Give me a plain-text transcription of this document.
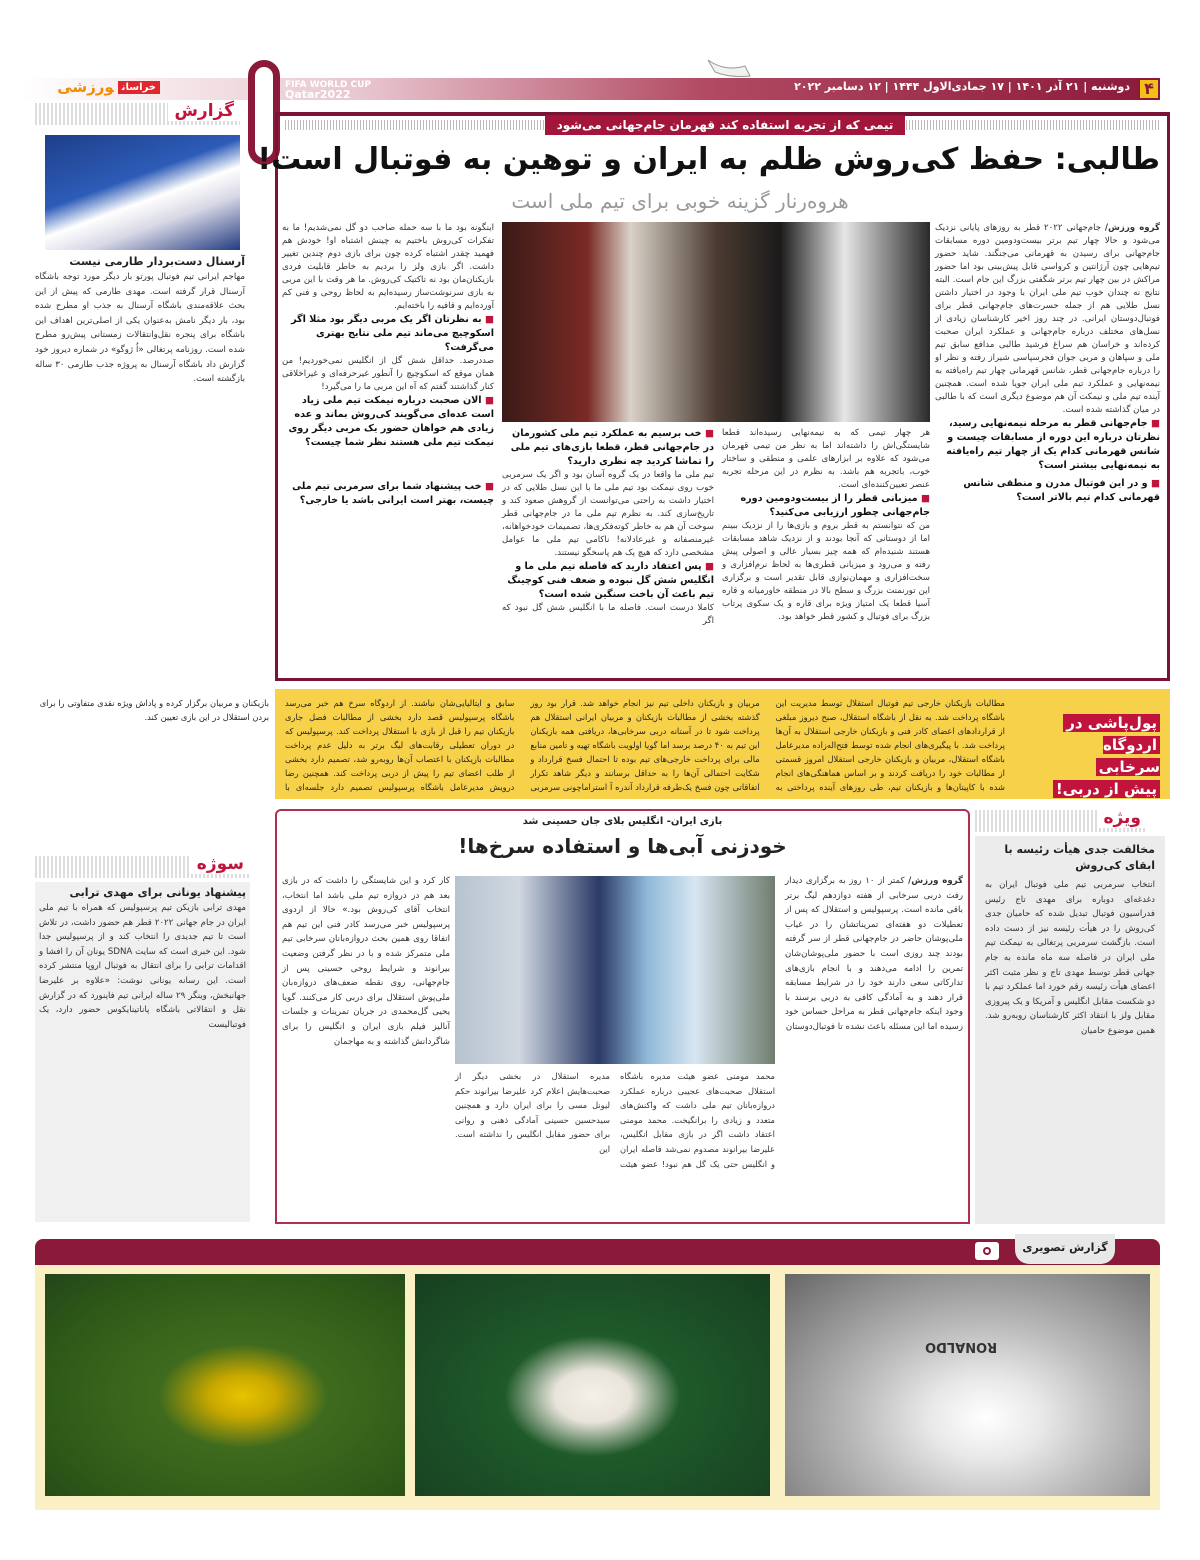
۴
دوشنبه | ۲۱ آذر ۱۴۰۱ | ۱۷ جمادی‌الاول ۱۴۴۴ | ۱۲ دسامبر ۲۰۲۲
خراسانورزشی	FIFA WORLD CUP
Qatar2022
گزارش
آرسنال دست‌بردار طارمی نیست
مهاجم ایرانی تیم فوتبال پورتو بار دیگر مورد توجه باشگاه آرسنال قرار گرفته است. مهدی طارمی که پیش از این بحث علاقه‌مندی باشگاه آرسنال به جذب او مطرح شده بود، بار دیگر نامش به‌عنوان یکی از اصلی‌ترین اهداف این باشگاه برای پنجره نقل‌وانتقالات زمستانی پیش‌رو مطرح شده است. روزنامه پرتغالی «اُ ژوگو» در شماره دیروز خود گزارش داد باشگاه آرسنال به پروژه جذب طارمی ۳۰ ساله بازگشته است.
سوژه
پیشنهاد یونانی برای مهدی ترابی
مهدی ترابی بازیکن تیم پرسپولیس که همراه با تیم ملی ایران در جام جهانی ۲۰۲۲ قطر هم حضور داشت، در تلاش است تا تیم جدیدی را انتخاب کند و از پرسپولیس جدا شود. این خبری است که سایت SDNA یونان آن را افشا و اقدامات ترابی را برای انتقال به فوتبال اروپا منتشر کرده است. این رسانه یونانی نوشت: «علاوه بر علیرضا جهانبخش، وینگر ۲۹ ساله ایرانی تیم فاینورد که در گزارش نقل و انتقالاتی باشگاه پاناتینایکوس حضور دارد، یک فوتبالیست
تیمی که از تجربه استفاده کند قهرمان جام‌جهانی می‌شود
طالبی: حفظ کی‌روش ظلم به ایران و توهین به فوتبال است!
هروه‌رنار گزینه خوبی برای تیم ملی است
گروه ورزش/ جام‌جهانی ۲۰۲۲ قطر به روزهای پایانی نزدیک می‌شود و حالا چهار تیم برتر بیست‌ودومین دوره مسابقات جام‌جهانی برای رسیدن به قهرمانی می‌جنگند. شاید حضور تیم‌هایی چون آرژانتین و کرواسی قابل پیش‌بینی بود اما حضور مراکش در بین چهار تیم برتر شگفتی بزرگ این جام است. البته نتایج نه چندان خوب تیم ملی ایران با وجود در اختیار داشتن نسل طلایی هم از جمله حسرت‌های جام‌جهانی قطر برای فوتبال‌دوستان ایرانی. در چند روز اخیر کارشناسان زیادی از نسل‌های مختلف درباره جام‌جهانی و عملکرد ایران صحبت کرده‌اند و خراسان هم سراغ فرشید طالبی مدافع سابق تیم ملی و سپاهان و مربی جوان فجرسپاسی شیراز رفته و نظر او را درباره جام‌جهانی قطر، شانس قهرمانی چهار تیم راه‌یافته به نیمه‌نهایی و عملکرد تیم ملی ایران جویا شده است. همچنین آینده تیم ملی و نیمکت آن هم موضوع دیگری است که با طالبی در میان گذاشته شده است.
■ جام‌جهانی قطر به مرحله نیمه‌نهایی رسید، نظرتان درباره این دوره از مسابقات چیست و شانس قهرمانی کدام یک از چهار تیم راه‌یافته به نیمه‌نهایی بیشتر است؟
■ و در این فوتبال مدرن و منطقی شانس قهرمانی کدام تیم بالاتر است؟
هر چهار تیمی که به نیمه‌نهایی رسیده‌اند قطعا شایستگی‌اش را داشته‌اند اما به نظر من تیمی قهرمان می‌شود که علاوه بر ابزارهای علمی و منطقی و ساختار خوب، باتجربه هم باشد. به نظرم در این مرحله تجربه عنصر تعیین‌کننده‌ای است.
■ میزبانی قطر را از بیست‌ودومین دوره جام‌جهانی چطور ارزیابی می‌کنید؟
من که نتوانستم به قطر بروم و بازی‌ها را از نزدیک ببینم اما از دوستانی که آنجا بودند و از نزدیک شاهد مسابقات هستند شنیده‌ام که همه چیز بسیار عالی و اصولی پیش رفته و می‌رود و میزبانی قطری‌ها به لحاظ نرم‌افزاری و سخت‌افزاری و مهمان‌نوازی قابل تقدیر است و برگزاری این تورنمنت بزرگ و سطح بالا در منطقه خاورمیانه و قاره آسیا قطعا یک امتیاز ویژه برای قاره و یک سکوی پرتاب بزرگ برای فوتبال و کشور قطر خواهد بود.
■ خب برسیم به عملکرد تیم ملی کشورمان در جام‌جهانی قطر، قطعا بازی‌های تیم ملی را تماشا کردید چه نظری دارید؟
تیم ملی ما واقعا در یک گروه آسان بود و اگر یک سرمربی خوب روی نیمکت بود تیم ملی ما با این نسل طلایی که در اختیار داشت به راحتی می‌توانست از گروهش صعود کند و تاریخ‌سازی کند. به نظرم تیم ملی ما در جام‌جهانی قطر سوخت آن هم به خاطر کوته‌فکری‌ها، تصمیمات خودخواهانه، غیرمنصفانه و غیرعادلانه! ناکامی تیم ملی ما عوامل مشخصی دارد که هیچ یک هم پاسخگو نیستند.
■ پس اعتقاد دارید که فاصله تیم ملی ما و انگلیس شش گل نبوده و ضعف فنی کوچینگ تیم باعث آن باخت سنگین شده است؟
کاملا درست است. فاصله ما با انگلیس شش گل نبود که اگر
اینگونه بود ما با سه حمله صاحب دو گل نمی‌شدیم! ما به تفکرات کی‌روش باختیم به چینش اشتباه او! خودش هم فهمید چقدر اشتباه کرده چون برای بازی دوم چندین تغییر داشت. اگر بازی ولز را بردیم به خاطر قابلیت فردی بازیکنان‌مان بود نه تاکتیک کی‌روش. ما هر وقت با این مربی به بازی سرنوشت‌ساز رسیده‌ایم به لحاظ روحی و فنی کم آورده‌ایم و قافیه را باخته‌ایم.
■ به نظرتان اگر یک مربی دیگر بود مثلا اگر اسکوچیچ می‌ماند تیم ملی نتایج بهتری می‌گرفت؟
صددرصد. حداقل شش گل از انگلیس نمی‌خوردیم! من همان موقع که اسکوچیچ را آنطور غیرحرفه‌ای و غیراخلاقی کنار گذاشتند گفتم که آه این مربی ما را می‌گیرد!
■ الان صحبت درباره نیمکت تیم ملی زیاد است عده‌ای می‌گویند کی‌روش بماند و عده زیادی هم خواهان حضور یک مربی دیگر روی نیمکت تیم ملی هستند نظر شما چیست؟
■ خب پیشنهاد شما برای سرمربی تیم ملی چیست، بهتر است ایرانی باشد یا خارجی؟
پول‌پاشی در
اردوگاه سرخابی
پیش از دربی!
مطالبات بازیکنان خارجی تیم فوتبال استقلال توسط مدیریت این باشگاه پرداخت شد. به نقل از باشگاه استقلال، صبح دیروز مبلغی از قراردادهای اعضای کادر فنی و بازیکنان خارجی استقلال به آن‌ها پرداخت شد. با پیگیری‌های انجام شده توسط فتح‌اله‌زاده مدیرعامل باشگاه استقلال، مربیان و بازیکنان خارجی استقلال امروز قسمتی از مطالبات خود را دریافت کردند و بر اساس هماهنگی‌های انجام شده با کاپیتان‌ها و بازیکنان تیم، طی روزهای آینده پرداختی به مربیان و بازیکنان داخلی تیم نیز انجام خواهد شد. قرار بود روز گذشته بخشی از مطالبات بازیکنان و مربیان ایرانی استقلال هم پرداخت شود تا در آستانه دربی سرخابی‌ها، دریافتی همه بازیکنان این تیم به ۴۰ درصد برسد اما گویا اولویت باشگاه تهیه و تامین منابع مالی برای پرداخت خارجی‌های تیم بوده تا احتمال فسخ قرارداد و شکایت احتمالی آن‌ها را به حداقل برسانند و دیگر شاهد تکرار اتفاقاتی چون فسخ یک‌طرفه قرارداد آندره آ استراماچونی سرمربی سابق و ایتالیایی‌شان نباشند. از اردوگاه سرخ هم خبر می‌رسد باشگاه پرسپولیس قصد دارد بخشی از مطالبات فصل جاری بازیکنان تیم را قبل از بازی با استقلال پرداخت کند. پرسپولیس که در دوران تعطیلی رقابت‌های لیگ برتر به دلیل عدم پرداخت مطالبات بازیکنان با اعتصاب آن‌ها روبه‌رو شد، تصمیم دارد بخشی از طلب اعضای تیم را پیش از دربی پرداخت کند. همچنین رضا درویش مدیرعامل باشگاه پرسپولیس تصمیم دارد جلسه‌ای با بازیکنان و مربیان برگزار کرده و پاداش ویژه نقدی متفاوتی را برای بردن استقلال در این بازی تعیین کند.
بازی ایران- انگلیس بلای جان حسینی شد
خودزنی آبی‌ها و استفاده سرخ‌ها!
گروه ورزش/ کمتر از ۱۰ روز به برگزاری دیدار رفت دربی سرخابی از هفته دوازدهم لیگ برتر باقی مانده است. پرسپولیس و استقلال که پس از تعطیلات دو هفته‌ای تمریناتشان را در غیاب ملی‌پوشان حاضر در جام‌جهانی قطر از سر گرفته بودند چند روزی است با حضور ملی‌پوشان‌شان تمرین را ادامه می‌دهند و با انجام بازی‌های تدارکاتی سعی دارند خود را در شرایط مسابقه قرار دهند و به آمادگی کافی به دربی برسند با وجود اینکه جام‌جهانی قطر به مراحل حساس خود رسیده اما این مسئله باعث نشده تا فوتبال‌دوستان
محمد مومنی عضو هیئت مدیره باشگاه استقلال صحبت‌های عجیبی درباره عملکرد دروازه‌بانان تیم ملی داشت که واکنش‌های متعدد و زیادی را برانگیخت. محمد مومنی اعتقاد داشت اگر در بازی مقابل انگلیس، علیرضا بیرانوند مصدوم نمی‌شد فاصله ایران و انگلیس حتی یک گل هم نبود! عضو هیئت مدیره استقلال در بخشی دیگر از صحبت‌هایش اعلام کرد علیرضا بیرانوند حکم لیونل مسی را برای ایران دارد و همچنین سیدحسین حسینی آمادگی ذهنی و روانی برای حضور مقابل انگلیس را نداشته است. این
کار کرد و این شایستگی را داشت که در بازی بعد هم در دروازه تیم ملی باشد اما انتخاب، انتخاب آقای کی‌روش بود.» حالا از اردوی پرسپولیس خبر می‌رسد کادر فنی این تیم هم اتفاقا روی همین بحث دروازه‌بانان سرخابی تیم ملی متمرکز شده و با در نظر گرفتن وضعیت بیرانوند و شرایط روحی حسینی پس از جام‌جهانی، روی نقطه ضعف‌های دروازه‌بان ملی‌پوش استقلال برای دربی کار می‌کنند. گویا یحیی گل‌محمدی در جریان تمرینات و جلسات آنالیز فیلم بازی ایران و انگلیس را برای شاگردانش گذاشته و به مهاجمان
ویژه
مخالفت جدی هیأت رئیسه با ابقای کی‌روش
انتخاب سرمربی تیم ملی فوتبال ایران به دغدغه‌ای دوباره برای مهدی تاج رئیس فدراسیون فوتبال تبدیل شده که حامیان جدی کی‌روش را در هیأت رئیسه نیز از دست داده است. بازگشت سرمربی پرتغالی به نیمکت تیم ملی ایران در فاصله سه ماه مانده به جام جهانی قطر توسط مهدی تاج و نظر مثبت اکثر اعضای هیأت رئیسه رقم خورد اما عملکرد تیم با دو شکست مقابل انگلیس و آمریکا و یک پیروزی مقابل ولز با انتقاد اکثر کارشناسان روبه‌رو شد. همین موضوع حامیان
گزارش تصویری
RONALDO
